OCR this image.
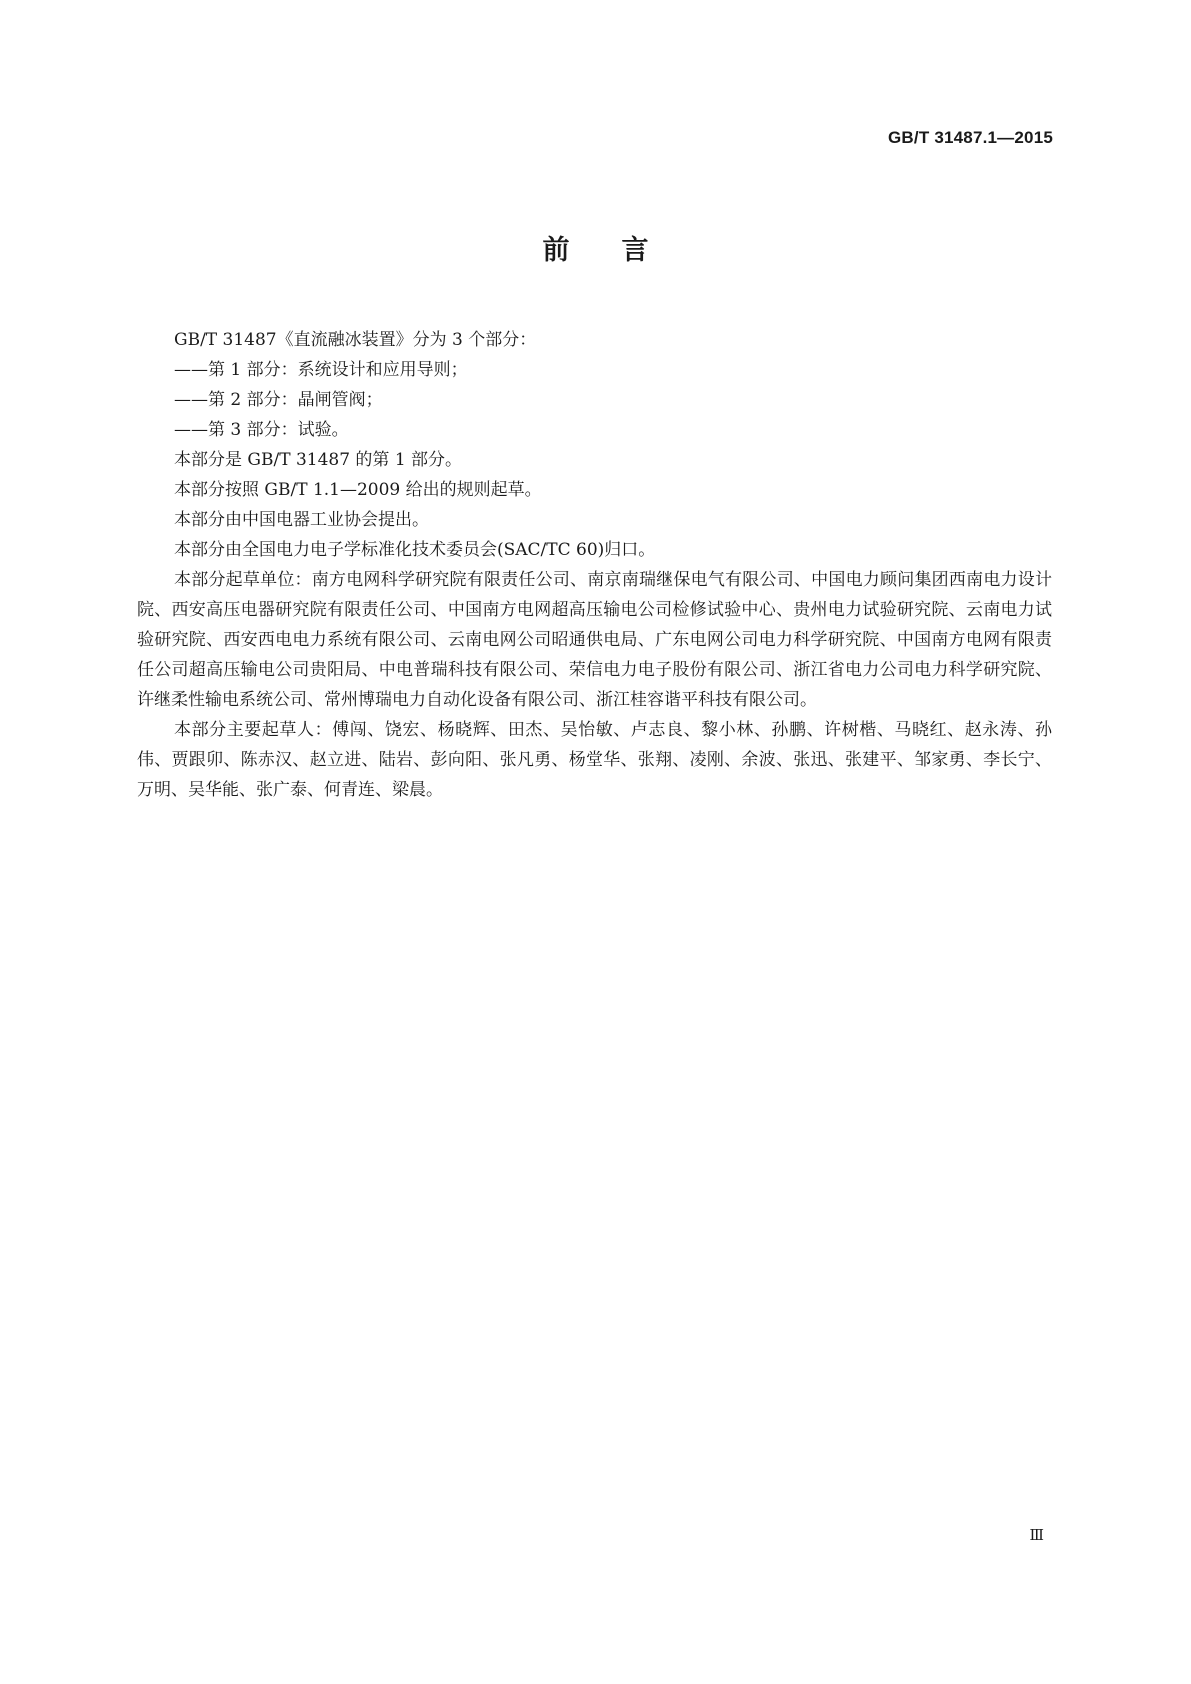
GB/T 31487.1—2015
前言
GB/T 31487《直流融冰装置》分为 3 个部分：
——第 1 部分：系统设计和应用导则；
——第 2 部分：晶闸管阀；
——第 3 部分：试验。
本部分是 GB/T 31487 的第 1 部分。
本部分按照 GB/T 1.1—2009 给出的规则起草。
本部分由中国电器工业协会提出。
本部分由全国电力电子学标准化技术委员会(SAC/TC 60)归口。
本部分起草单位：南方电网科学研究院有限责任公司、南京南瑞继保电气有限公司、中国电力顾问集团西南电力设计院、西安高压电器研究院有限责任公司、中国南方电网超高压输电公司检修试验中心、贵州电力试验研究院、云南电力试验研究院、西安西电电力系统有限公司、云南电网公司昭通供电局、广东电网公司电力科学研究院、中国南方电网有限责任公司超高压输电公司贵阳局、中电普瑞科技有限公司、荣信电力电子股份有限公司、浙江省电力公司电力科学研究院、许继柔性输电系统公司、常州博瑞电力自动化设备有限公司、浙江桂容谐平科技有限公司。
本部分主要起草人：傅闯、饶宏、杨晓辉、田杰、吴怡敏、卢志良、黎小林、孙鹏、许树楷、马晓红、赵永涛、孙伟、贾跟卯、陈赤汉、赵立进、陆岩、彭向阳、张凡勇、杨堂华、张翔、凌刚、余波、张迅、张建平、邹家勇、李长宁、万明、吴华能、张广泰、何青连、梁晨。
Ⅲ
